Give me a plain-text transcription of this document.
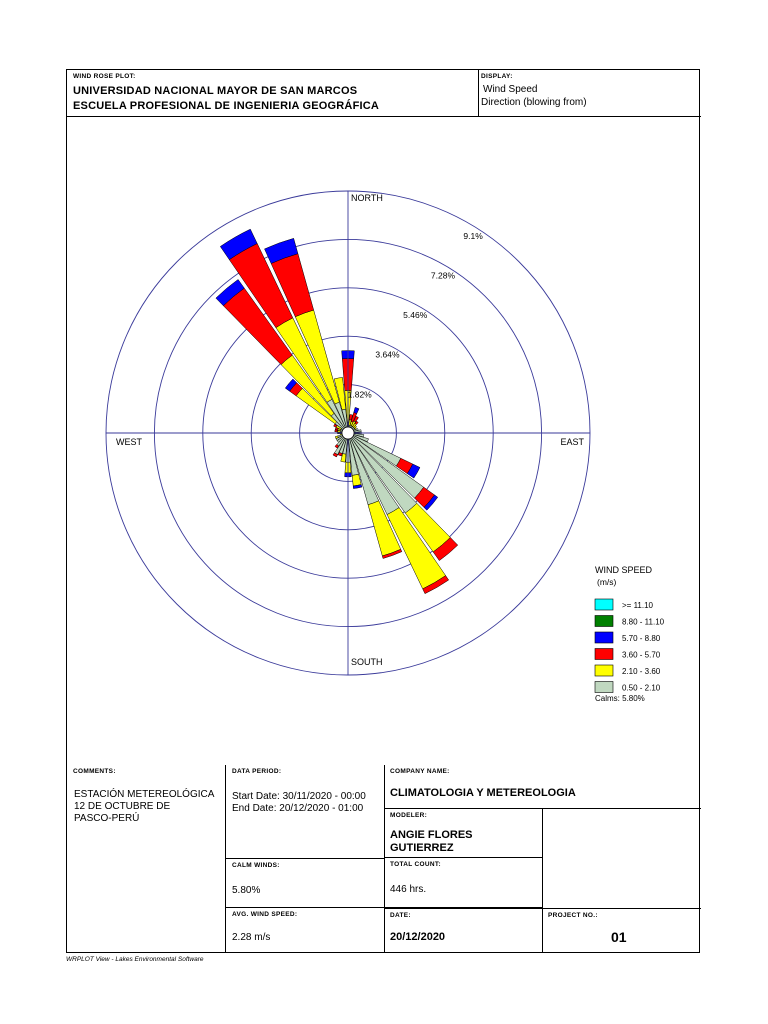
WIND ROSE PLOT:
UNIVERSIDAD NACIONAL MAYOR DE SAN MARCOS
ESCUELA PROFESIONAL DE INGENIERIA GEOGRÁFICA
DISPLAY:
Wind Speed
Direction (blowing from)
NORTH
SOUTH
EAST
WEST
1.82%
3.64%
5.46%
7.28%
9.1%
WIND SPEED
(m/s)
>= 11.10
8.80 - 11.10
5.70 - 8.80
3.60 - 5.70
2.10 - 3.60
0.50 - 2.10
Calms: 5.80%
COMMENTS:
ESTACIÓN METEREOLÓGICA
12 DE OCTUBRE DE
PASCO-PERÚ
DATA PERIOD:
Start Date: 30/11/2020 - 00:00
End Date: 20/12/2020 - 01:00
COMPANY NAME:
CLIMATOLOGIA Y METEREOLOGIA
MODELER:
ANGIE FLORES
GUTIERREZ
CALM WINDS:
5.80%
TOTAL COUNT:
446 hrs.
AVG. WIND SPEED:
2.28 m/s
DATE:
20/12/2020
PROJECT NO.:
01
WRPLOT View - Lakes Environmental Software
